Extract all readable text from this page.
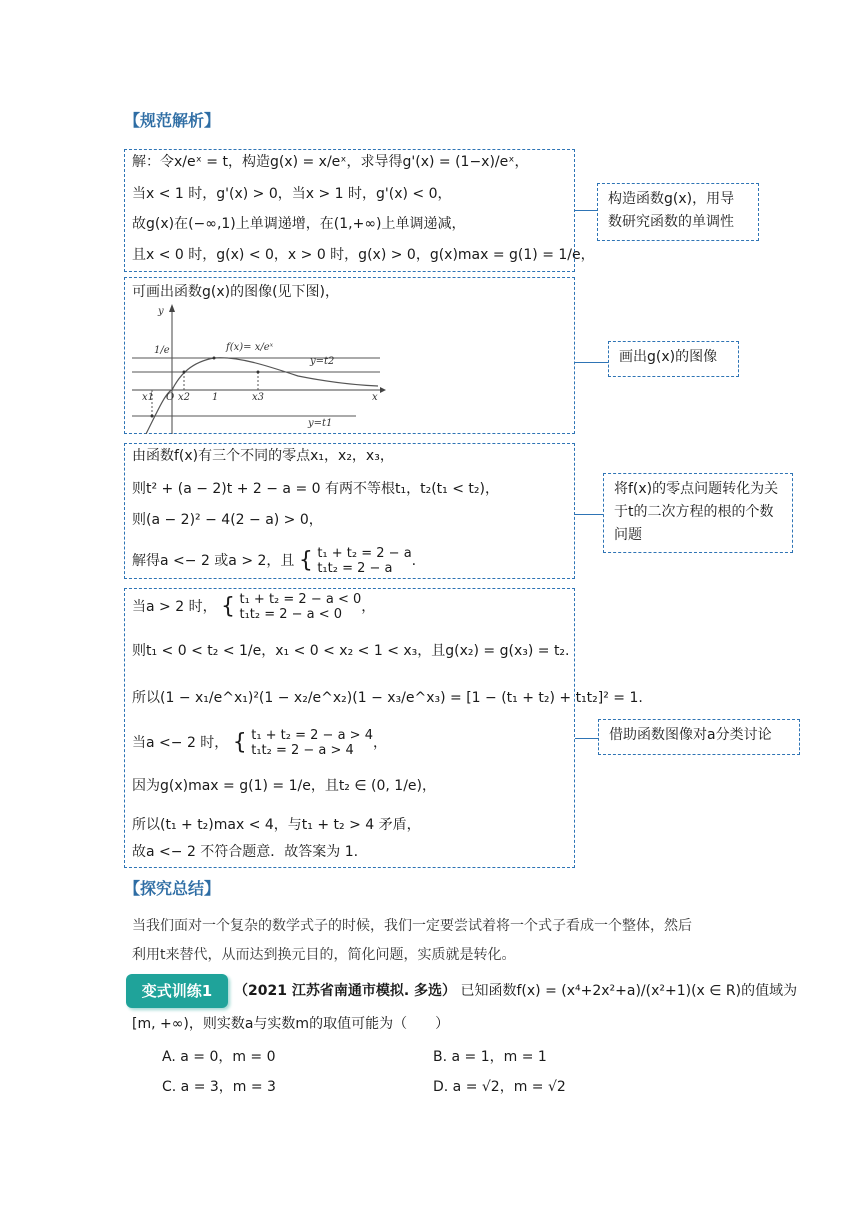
【规范解析】
解：令x/eˣ = t，构造g(x) = x/eˣ，求导得g'(x) = (1−x)/eˣ，
当x < 1 时，g'(x) > 0，当x > 1 时，g'(x) < 0，
故g(x)在(−∞,1)上单调递增，在(1,+∞)上单调递减，
且x < 0 时，g(x) < 0，x > 0 时，g(x) > 0，g(x)max = g(1) = 1/e，
可画出函数g(x)的图像(见下图)，
y
x
1/e
O
x1 x2 1	x3
f(x)= x/eˣ
y=t2
y=t1
由函数f(x)有三个不同的零点x₁，x₂，x₃，
则t² + (a − 2)t + 2 − a = 0 有两不等根t₁，t₂(t₁ < t₂)，
则(a − 2)² − 4(2 − a) > 0，
解得a <− 2 或a > 2，且 { t₁ + t₂ = 2 − a
t₁t₂ = 2 − a .
当a > 2 时， { t₁ + t₂ = 2 − a < 0
t₁t₂ = 2 − a < 0 ，
则t₁ < 0 < t₂ < 1/e，x₁ < 0 < x₂ < 1 < x₃，且g(x₂) = g(x₃) = t₂.
所以(1 − x₁/e^x₁)²(1 − x₂/e^x₂)(1 − x₃/e^x₃) = [1 − (t₁ + t₂) + t₁t₂]² = 1.
当a <− 2 时， { t₁ + t₂ = 2 − a > 4
t₁t₂ = 2 − a > 4 ，
因为g(x)max = g(1) = 1/e，且t₂ ∈ (0, 1/e)，
所以(t₁ + t₂)max < 4，与t₁ + t₂ > 4 矛盾，
故a <− 2 不符合题意．故答案为 1.
构造函数g(x)，用导数研究函数的单调性
画出g(x)的图像
将f(x)的零点问题转化为关于t的二次方程的根的个数问题
借助函数图像对a分类讨论
【探究总结】
当我们面对一个复杂的数学式子的时候，我们一定要尝试着将一个式子看成一个整体，然后
利用t来替代，从而达到换元目的，简化问题，实质就是转化。
变式训练1	（2021 江苏省南通市模拟. 多选） 已知函数f(x) = (x⁴+2x²+a)/(x²+1)(x ∈ R)的值域为
[m, +∞)，则实数a与实数m的取值可能为（　　）
A. a = 0，m = 0	B. a = 1，m = 1
C. a = 3，m = 3	D. a = √2，m = √2
